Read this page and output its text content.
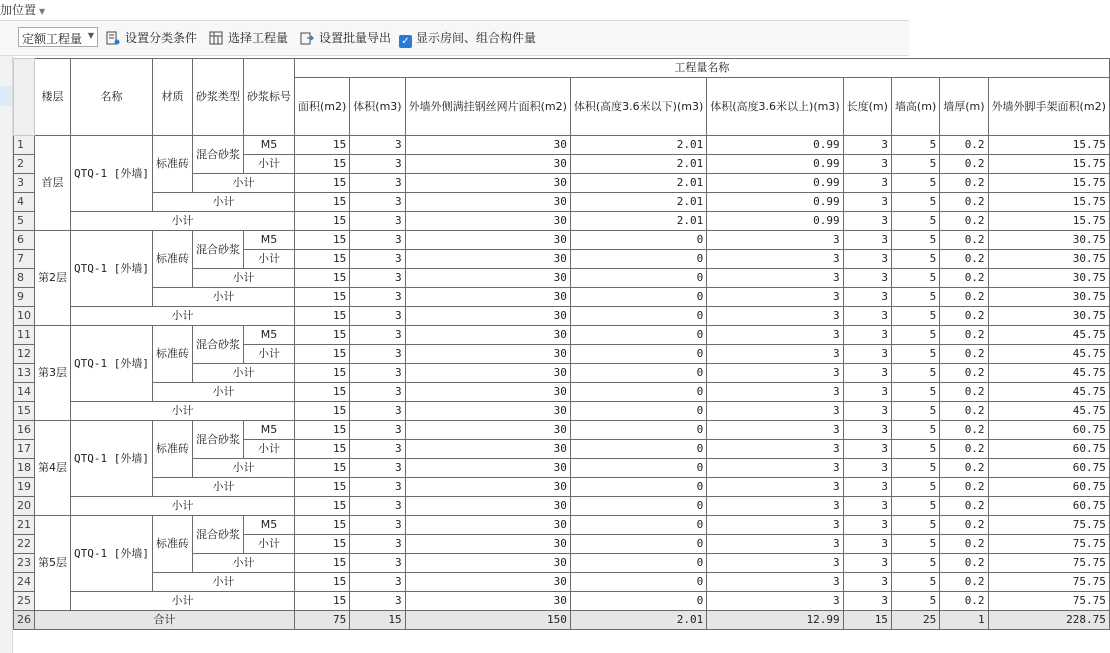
加位置 ▼
定额工程量 ▼	设置分类条件	选择工程量	设置批量导出 ✓ 显示房间、组合构件量
	楼层	名称	材质	砂浆类型	砂浆标号	工程量名称								
						面积(m2)	体积(m3)	外墙外侧满挂钢丝网片面积(m2)	体积(高度3.6米以下)(m3)	体积(高度3.6米以上)(m3)	长度(m)	墙高(m)	墙厚(m)	外墙外脚手架面积(m2)
1	首层	QTQ-1 [外墙]	标准砖	混合砂浆	M5	15	3	30	2.01	0.99	3	5	0.2	15.75
2					小计	15	3	30	2.01	0.99	3	5	0.2	15.75
3				小计		15	3	30	2.01	0.99	3	5	0.2	15.75
4			小计			15	3	30	2.01	0.99	3	5	0.2	15.75
5		小计				15	3	30	2.01	0.99	3	5	0.2	15.75
6	第2层	QTQ-1 [外墙]	标准砖	混合砂浆	M5	15	3	30	0	3	3	5	0.2	30.75
7					小计	15	3	30	0	3	3	5	0.2	30.75
8				小计		15	3	30	0	3	3	5	0.2	30.75
9			小计			15	3	30	0	3	3	5	0.2	30.75
10		小计				15	3	30	0	3	3	5	0.2	30.75
11	第3层	QTQ-1 [外墙]	标准砖	混合砂浆	M5	15	3	30	0	3	3	5	0.2	45.75
12					小计	15	3	30	0	3	3	5	0.2	45.75
13				小计		15	3	30	0	3	3	5	0.2	45.75
14			小计			15	3	30	0	3	3	5	0.2	45.75
15		小计				15	3	30	0	3	3	5	0.2	45.75
16	第4层	QTQ-1 [外墙]	标准砖	混合砂浆	M5	15	3	30	0	3	3	5	0.2	60.75
17					小计	15	3	30	0	3	3	5	0.2	60.75
18				小计		15	3	30	0	3	3	5	0.2	60.75
19			小计			15	3	30	0	3	3	5	0.2	60.75
20		小计				15	3	30	0	3	3	5	0.2	60.75
21	第5层	QTQ-1 [外墙]	标准砖	混合砂浆	M5	15	3	30	0	3	3	5	0.2	75.75
22					小计	15	3	30	0	3	3	5	0.2	75.75
23				小计		15	3	30	0	3	3	5	0.2	75.75
24			小计			15	3	30	0	3	3	5	0.2	75.75
25		小计				15	3	30	0	3	3	5	0.2	75.75
26	合计					75	15	150	2.01	12.99	15	25	1	228.75
